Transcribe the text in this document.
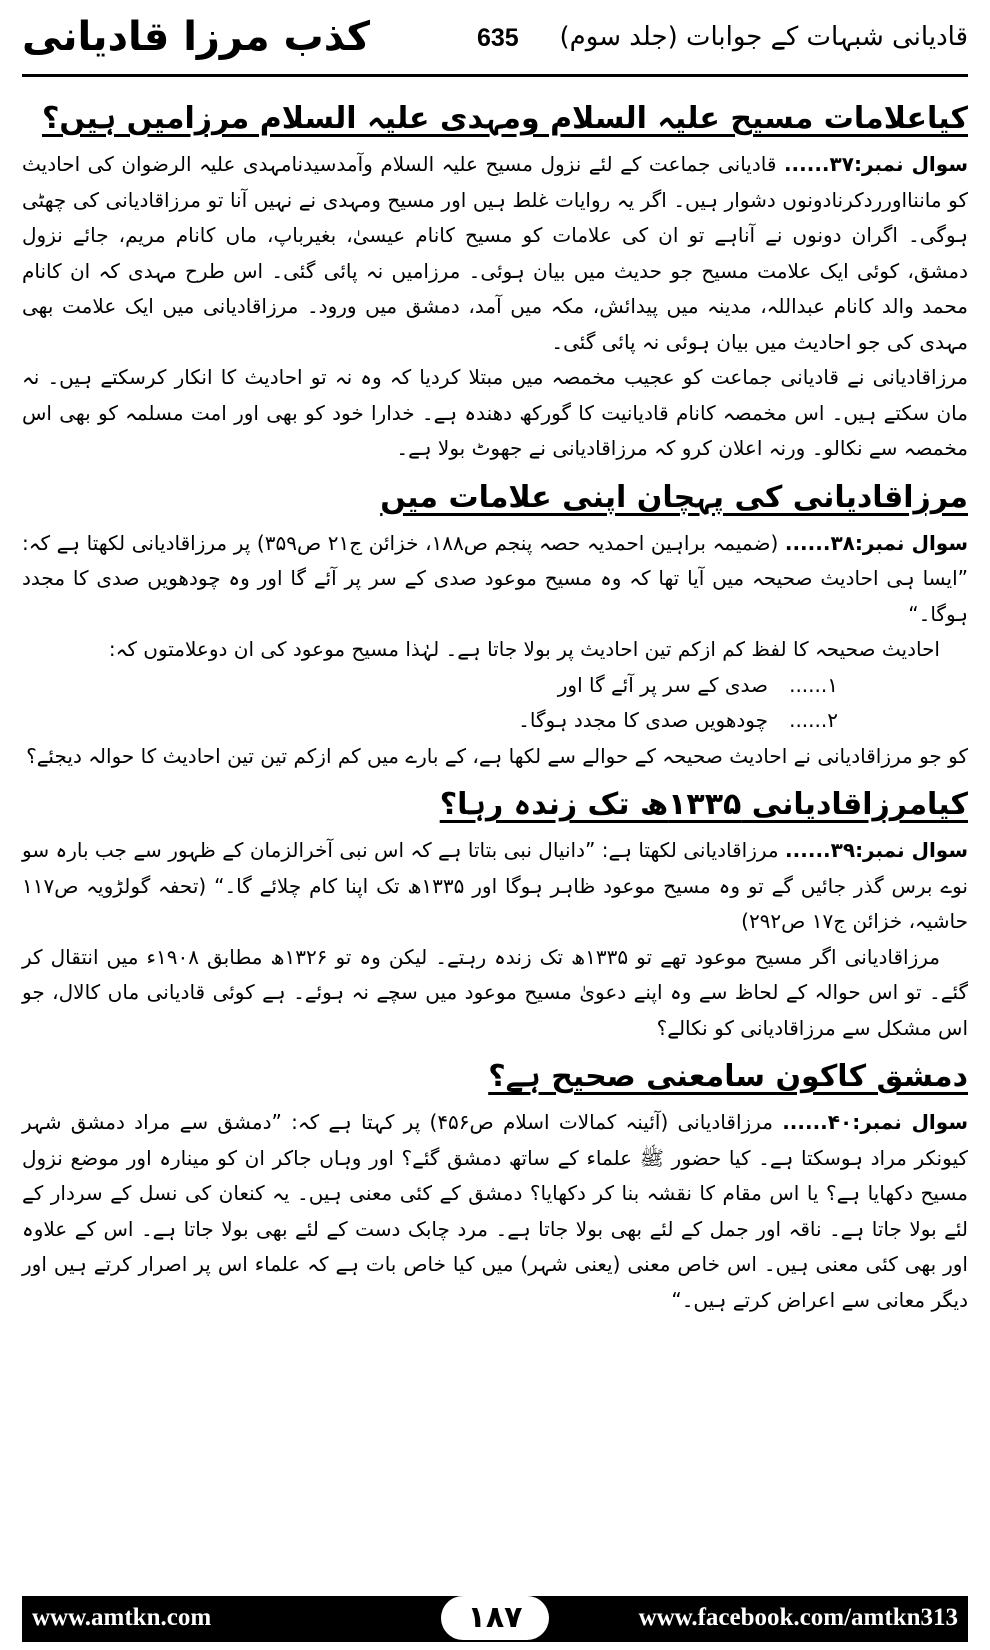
قادیانی شبہات کے جوابات (جلد سوم)
635
کذب مرزا قادیانی
کیاعلامات مسیح علیہ السلام ومہدی علیہ السلام مرزامیں ہیں؟

سوال نمبر:۳۷...... قادیانی جماعت کے لئے نزول مسیح علیہ السلام وآمدسیدنامہدی علیہ الرضوان کی احادیث کو ماننااورردکرنادونوں دشوار ہیں۔ اگر یہ روایات غلط ہیں اور مسیح ومہدی نے نہیں آنا تو مرزاقادیانی کی چھٹی ہوگی۔ اگران دونوں نے آناہے تو ان کی علامات کو مسیح کانام عیسیٰ، بغیرباپ، ماں کانام مریم، جائے نزول دمشق، کوئی ایک علامت مسیح جو حدیث میں بیان ہوئی۔ مرزامیں نہ پائی گئی۔ اس طرح مہدی کہ ان کانام محمد والد کانام عبداللہ، مدینہ میں پیدائش، مکہ میں آمد، دمشق میں ورود۔ مرزاقادیانی میں ایک علامت بھی مہدی کی جو احادیث میں بیان ہوئی نہ پائی گئی۔

مرزاقادیانی نے قادیانی جماعت کو عجیب مخمصہ میں مبتلا کردیا کہ وہ نہ تو احادیث کا انکار کرسکتے ہیں۔ نہ مان سکتے ہیں۔ اس مخمصہ کانام قادیانیت کا گورکھ دھندہ ہے۔ خدارا خود کو بھی اور امت مسلمہ کو بھی اس مخمصہ سے نکالو۔ ورنہ اعلان کرو کہ مرزاقادیانی نے جھوٹ بولا ہے۔

مرزاقادیانی کی پہچان اپنی علامات میں

سوال نمبر:۳۸...... (ضمیمہ براہین احمدیہ حصہ پنجم ص۱۸۸، خزائن ج۲۱ ص۳۵۹) پر مرزاقادیانی لکھتا ہے کہ: ”ایسا ہی احادیث صحیحہ میں آیا تھا کہ وہ مسیح موعود صدی کے سر پر آئے گا اور وہ چودھویں صدی کا مجدد ہوگا۔“

احادیث صحیحہ کا لفظ کم ازکم تین احادیث پر بولا جاتا ہے۔ لہٰذا مسیح موعود کی ان دوعلامتوں کہ:

۱......صدی کے سر پر آئے گا اور
۲......چودھویں صدی کا مجدد ہوگا۔

کو جو مرزاقادیانی نے احادیث صحیحہ کے حوالے سے لکھا ہے، کے بارے میں کم ازکم تین تین احادیث کا حوالہ دیجئے؟

کیامرزاقادیانی ۱۳۳۵ھ تک زندہ رہا؟

سوال نمبر:۳۹...... مرزاقادیانی لکھتا ہے: ”دانیال نبی بتاتا ہے کہ اس نبی آخرالزمان کے ظہور سے جب بارہ سو نوے برس گذر جائیں گے تو وہ مسیح موعود ظاہر ہوگا اور ۱۳۳۵ھ تک اپنا کام چلائے گا۔“ (تحفہ گولڑویہ ص۱۱۷ حاشیہ، خزائن ج۱۷ ص۲۹۲)

مرزاقادیانی اگر مسیح موعود تھے تو ۱۳۳۵ھ تک زندہ رہتے۔ لیکن وہ تو ۱۳۲۶ھ مطابق ۱۹۰۸ء میں انتقال کر گئے۔ تو اس حوالہ کے لحاظ سے وہ اپنے دعویٰ مسیح موعود میں سچے نہ ہوئے۔ ہے کوئی قادیانی ماں کالال، جو اس مشکل سے مرزاقادیانی کو نکالے؟

دمشق کاکون سامعنی صحیح ہے؟

سوال نمبر:۴۰...... مرزاقادیانی (آئینہ کمالات اسلام ص۴۵۶) پر کہتا ہے کہ: ”دمشق سے مراد دمشق شہر کیونکر مراد ہوسکتا ہے۔ کیا حضور ﷺ علماء کے ساتھ دمشق گئے؟ اور وہاں جاکر ان کو مینارہ اور موضع نزول مسیح دکھایا ہے؟ یا اس مقام کا نقشہ بنا کر دکھایا؟ دمشق کے کئی معنی ہیں۔ یہ کنعان کی نسل کے سردار کے لئے بولا جاتا ہے۔ ناقہ اور جمل کے لئے بھی بولا جاتا ہے۔ مرد چابک دست کے لئے بھی بولا جاتا ہے۔ اس کے علاوہ اور بھی کئی معنی ہیں۔ اس خاص معنی (یعنی شہر) میں کیا خاص بات ہے کہ علماء اس پر اصرار کرتے ہیں اور دیگر معانی سے اعراض کرتے ہیں۔“

www.amtkn.com	۱۸۷	www.facebook.com/amtkn313
